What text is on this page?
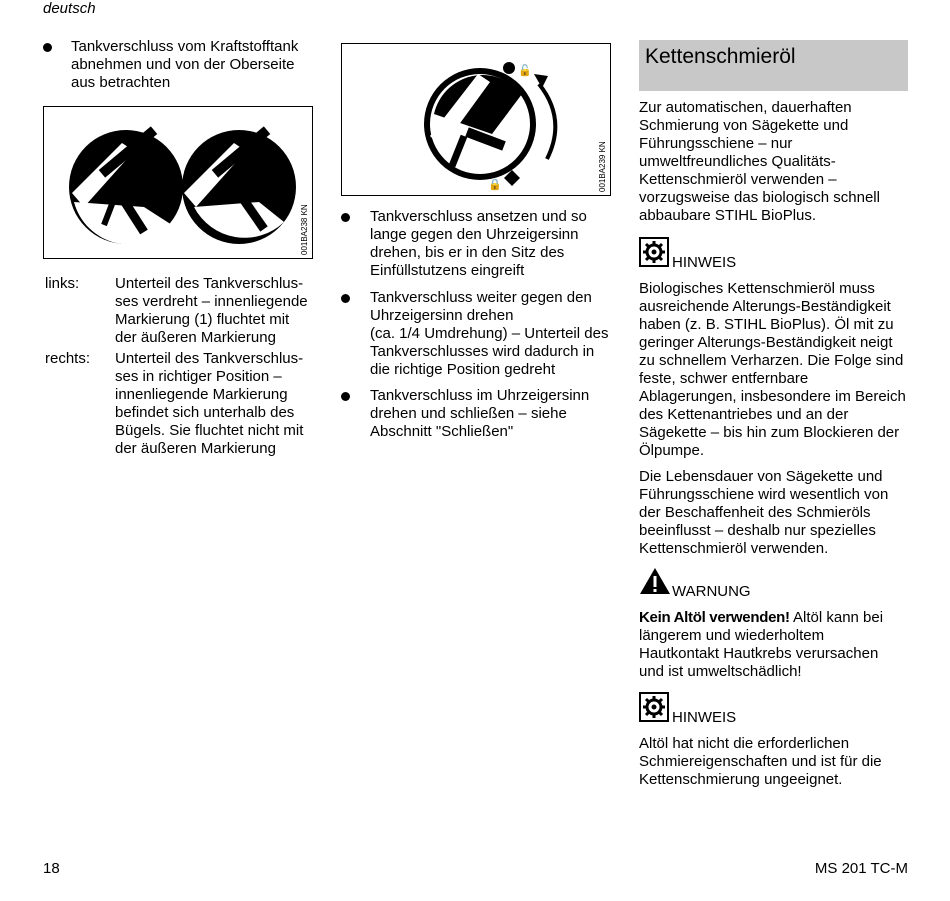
deutsch
Tankverschluss vom Kraftstofftank
abnehmen und von der Oberseite
aus betrachten
1
001BA238 KN
links: Unterteil des Tankverschlus-
ses verdreht – innenliegende
Markierung (1) fluchtet mit
der äußeren Markierung
rechts: Unterteil des Tankverschlus-
ses in richtiger Position –
innenliegende Markierung
befindet sich unterhalb des
Bügels. Sie fluchtet nicht mit
der äußeren Markierung
🔓
🔒	001BA239 KN
Tankverschluss ansetzen und so
lange gegen den Uhrzeigersinn
drehen, bis er in den Sitz des
Einfüllstutzens eingreift
Tankverschluss weiter gegen den
Uhrzeigersinn drehen
(ca. 1/4 Umdrehung) – Unterteil des
Tankverschlusses wird dadurch in
die richtige Position gedreht
Tankverschluss im Uhrzeigersinn
drehen und schließen – siehe
Abschnitt "Schließen"
Kettenschmieröl
Zur automatischen, dauerhaften
Schmierung von Sägekette und
Führungsschiene – nur
umweltfreundliches Qualitäts-
Kettenschmieröl verwenden –
vorzugsweise das biologisch schnell
abbaubare STIHL BioPlus.
HINWEIS
Biologisches Kettenschmieröl muss
ausreichende Alterungs-Beständigkeit
haben (z. B. STIHL BioPlus). Öl mit zu
geringer Alterungs-Beständigkeit neigt
zu schnellem Verharzen. Die Folge sind
feste, schwer entfernbare
Ablagerungen, insbesondere im Bereich
des Kettenantriebes und an der
Sägekette – bis hin zum Blockieren der
Ölpumpe.
Die Lebensdauer von Sägekette und
Führungsschiene wird wesentlich von
der Beschaffenheit des Schmieröls
beeinflusst – deshalb nur spezielles
Kettenschmieröl verwenden.
WARNUNG
Kein Altöl verwenden! Altöl kann bei
längerem und wiederholtem
Hautkontakt Hautkrebs verursachen
und ist umweltschädlich!
HINWEIS
Altöl hat nicht die erforderlichen
Schmiereigenschaften und ist für die
Kettenschmierung ungeeignet.
18	MS 201 TC-M
